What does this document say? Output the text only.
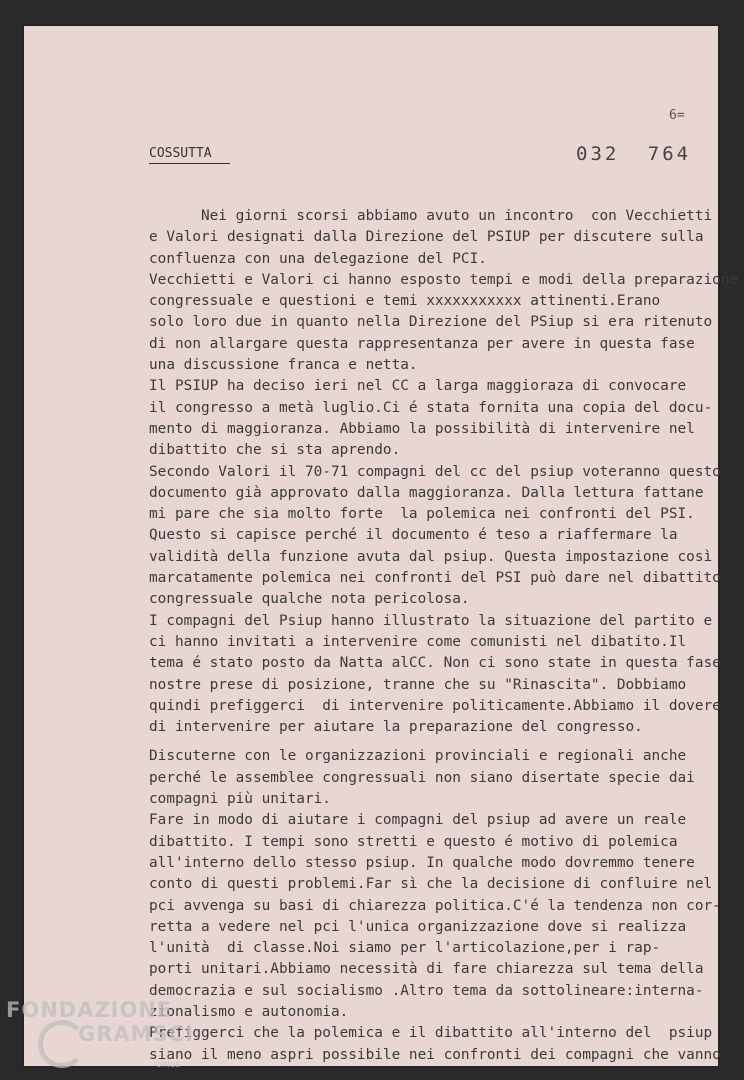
6=
COSSUTTA	032 764
Nei giorni scorsi abbiamo avuto un incontro  con Vecchietti
e Valori designati dalla Direzione del PSIUP per discutere sulla
confluenza con una delegazione del PCI.
Vecchietti e Valori ci hanno esposto tempi e modi della preparazione
congressuale e questioni e temi xxxxxxxxxxx attinenti.Erano
solo loro due in quanto nella Direzione del PSiup si era ritenuto
di non allargare questa rappresentanza per avere in questa fase
una discussione franca e netta.
Il PSIUP ha deciso ieri nel CC a larga maggioraza di convocare
il congresso a metà luglio.Ci é stata fornita una copia del docu-
mento di maggioranza. Abbiamo la possibilità di intervenire nel
dibattito che si sta aprendo.
Secondo Valori il 70-71 compagni del cc del psiup voteranno questo
documento già approvato dalla maggioranza. Dalla lettura fattane
mi pare che sia molto forte  la polemica nei confronti del PSI.
Questo si capisce perché il documento é teso a riaffermare la
validità della funzione avuta dal psiup. Questa impostazione così
marcatamente polemica nei confronti del PSI può dare nel dibattito
congressuale qualche nota pericolosa.
I compagni del Psiup hanno illustrato la situazione del partito e
ci hanno invitati a intervenire come comunisti nel dibatito.Il
tema é stato posto da Natta alCC. Non ci sono state in questa fase
nostre prese di posizione, tranne che su "Rinascita". Dobbiamo
quindi prefiggerci  di intervenire politicamente.Abbiamo il dovere
di intervenire per aiutare la preparazione del congresso.
Discuterne con le organizzazioni provinciali e regionali anche
perché le assemblee congressuali non siano disertate specie dai
compagni più unitari.
Fare in modo di aiutare i compagni del psiup ad avere un reale
dibattito. I tempi sono stretti e questo é motivo di polemica
all'interno dello stesso psiup. In qualche modo dovremmo tenere
conto di questi problemi.Far sì che la decisione di confluire nel
pci avvenga su basi di chiarezza politica.C'é la tendenza non cor-
retta a vedere nel pci l'unica organizzazione dove si realizza
l'unità  di classe.Noi siamo per l'articolazione,per i rap-
porti unitari.Abbiamo necessità di fare chiarezza sul tema della
democrazia e sul socialismo .Altro tema da sottolineare:interna-
zionalismo e autonomia.
Prefiggerci che la polemica e il dibattito all'interno del  psiup
siano il meno aspri possibile nei confronti dei compagni che vanno
FONDAZIONE
GRAMSCI
onlus
